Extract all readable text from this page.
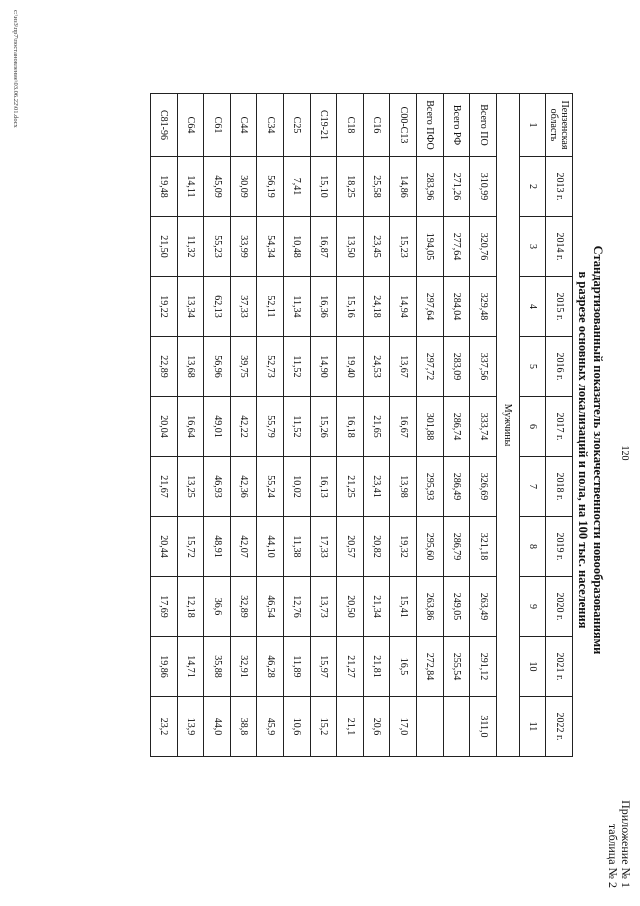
120
Приложение № 1
таблица № 2
Стандартизованный показатель злокачественности новообразованиями
в разрезе основных локализаций и пола, на 100 тыс. населения
Пензенская область	2013 г.	2014 г.	2015 г.	2016 г.	2017 г.	2018 г.	2019 г.	2020 г.	2021 г.	2022 г.
1	2	3	4	5	6	7	8	9	10	11
Мужчины										
Всего ПО	310,99	320,76	329,48	337,56	333,74	326,69	321,18	263,49	291,12	311,0
Всего РФ	271,26	277,64	284,04	283,09	286,74	286,49	286,79	249,05	255,54	
Всего ПФО	283,96	194,05	297,64	297,72	301,88	295,93	295,60	263,86	272,84	
C00-C13	14,86	15,23	14,94	13,67	16,67	13,98	19,32	15,41	16,5	17,0
C16	25,58	23,45	24,18	24,53	21,65	23,41	20,82	21,34	21,81	20,6
C18	18,25	13,50	15,16	19,40	16,18	21,25	20,57	20,50	21,27	21,1
C19-21	15,10	16,87	16,36	14,90	15,26	16,13	17,33	13,73	15,97	15,2
C25	7,41	10,48	11,34	11,52	11,52	10,02	11,38	12,76	11,89	10,6
C34	56,19	54,34	52,11	52,73	55,79	55,24	44,10	46,54	46,28	45,9
C44	30,09	33,99	37,33	39,75	42,22	42,36	42,07	32,89	32,91	38,8
C61	45,09	55,23	62,13	56,96	49,01	46,93	48,91	36,6	35,88	44,0
C64	14,11	11,32	13,34	13,68	16,64	13,25	15,72	12,18	14,71	13,9
C81-96	19,48	21,50	19,22	22,89	20,04	21,67	20,44	17,69	19,86	23,2
c:\из3\пр7\постановление\03.06.22\01.docx
